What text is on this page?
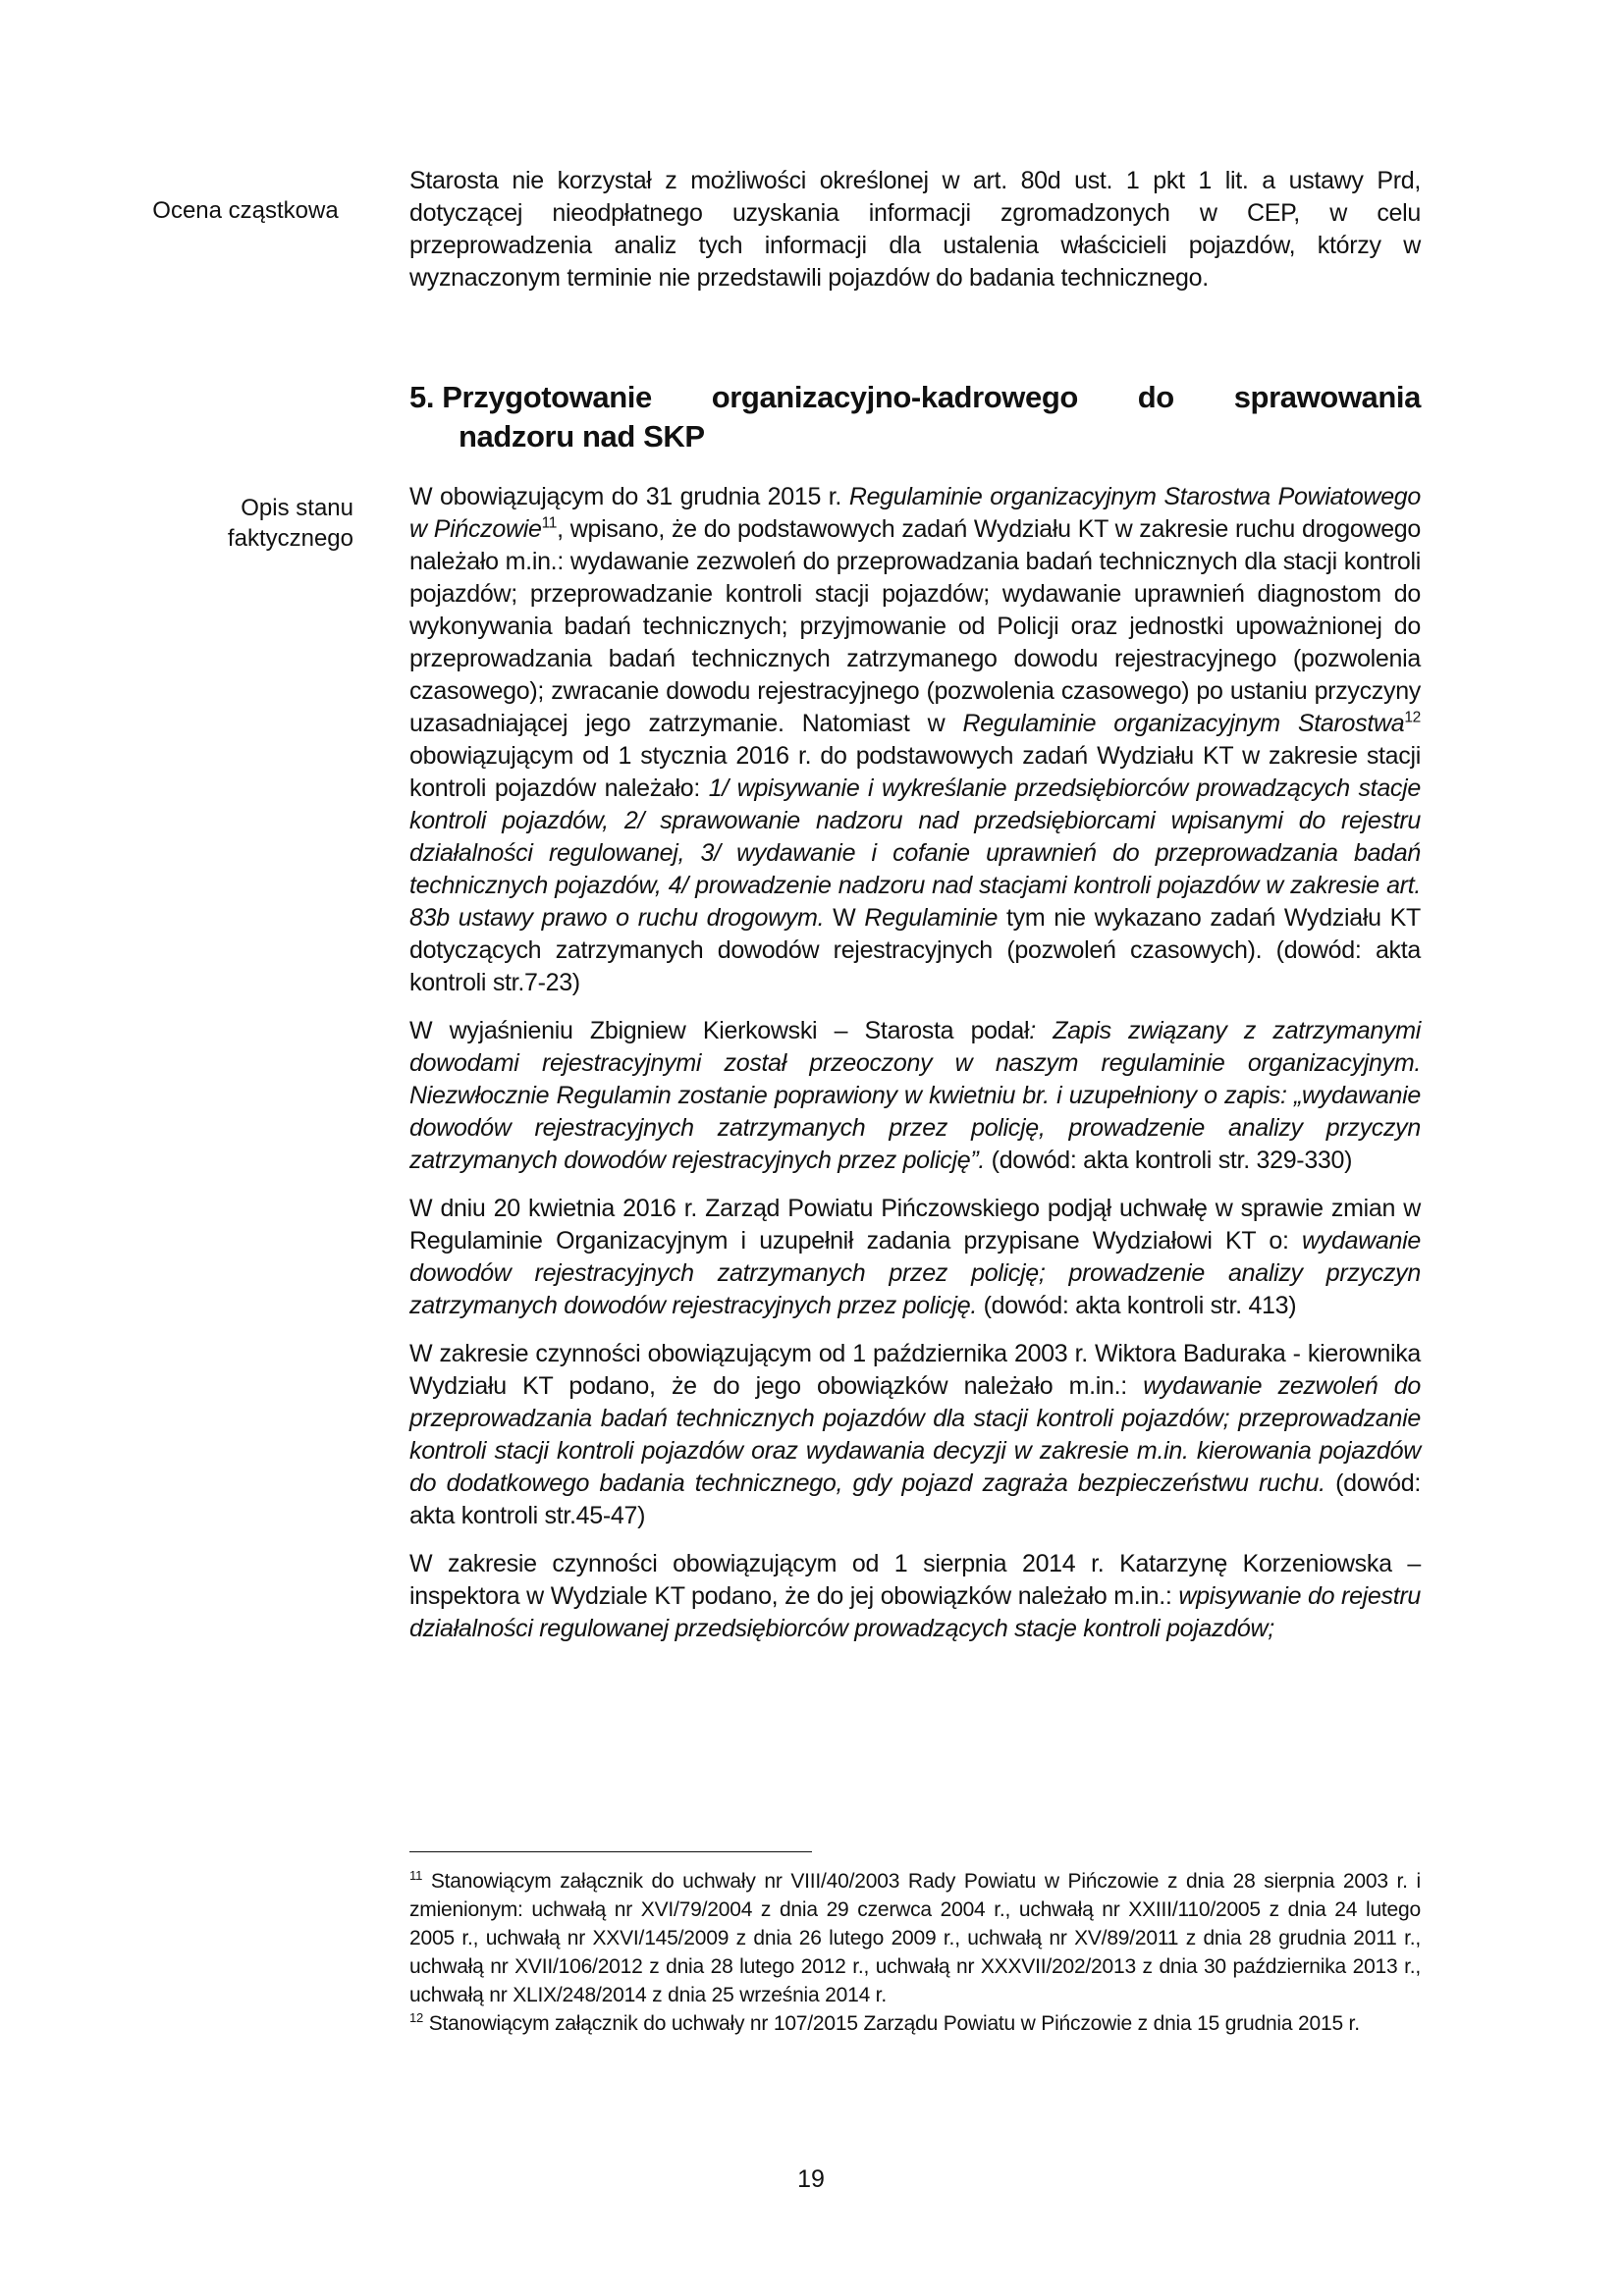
Ocena cząstkowa

Starosta nie korzystał z możliwości określonej w art. 80d ust. 1 pkt 1 lit. a ustawy Prd, dotyczącej nieodpłatnego uzyskania informacji zgromadzonych w CEP, w celu przeprowadzenia analiz tych informacji dla ustalenia właścicieli pojazdów, którzy w wyznaczonym terminie nie przedstawili pojazdów do badania technicznego.

5. Przygotowanie organizacyjno-kadrowego do sprawowania
nadzoru nad SKP
Opis stanu
faktycznego

W obowiązującym do 31 grudnia 2015 r. Regulaminie organizacyjnym Starostwa Powiatowego w Pińczowie$^{11}$, wpisano, że do podstawowych zadań Wydziału KT w zakresie ruchu drogowego należało m.in.: wydawanie zezwoleń do przeprowadzania badań technicznych dla stacji kontroli pojazdów; przeprowadzanie kontroli stacji pojazdów; wydawanie uprawnień diagnostom do wykonywania badań technicznych; przyjmowanie od Policji oraz jednostki upoważnionej do przeprowadzania badań technicznych zatrzymanego dowodu rejestracyjnego (pozwolenia czasowego); zwracanie dowodu rejestracyjnego (pozwolenia czasowego) po ustaniu przyczyny uzasadniającej jego zatrzymanie. Natomiast w Regulaminie organizacyjnym Starostwa$^{12}$ obowiązującym od 1 stycznia 2016 r. do podstawowych zadań Wydziału KT w zakresie stacji kontroli pojazdów należało: 1/ wpisywanie i wykreślanie przedsiębiorców prowadzących stacje kontroli pojazdów, 2/ sprawowanie nadzoru nad przedsiębiorcami wpisanymi do rejestru działalności regulowanej, 3/ wydawanie i cofanie uprawnień do przeprowadzania badań technicznych pojazdów, 4/ prowadzenie nadzoru nad stacjami kontroli pojazdów w zakresie art. 83b ustawy prawo o ruchu drogowym. W Regulaminie tym nie wykazano zadań Wydziału KT dotyczących zatrzymanych dowodów rejestracyjnych (pozwoleń czasowych). (dowód: akta kontroli str.7-23)

W wyjaśnieniu Zbigniew Kierkowski – Starosta podał: Zapis związany z zatrzymanymi dowodami rejestracyjnymi został przeoczony w naszym regulaminie organizacyjnym. Niezwłocznie Regulamin zostanie poprawiony w kwietniu br. i uzupełniony o zapis: „wydawanie dowodów rejestracyjnych zatrzymanych przez policję, prowadzenie analizy przyczyn zatrzymanych dowodów rejestracyjnych przez policję”. (dowód: akta kontroli str. 329-330)

W dniu 20 kwietnia 2016 r. Zarząd Powiatu Pińczowskiego podjął uchwałę w sprawie zmian w Regulaminie Organizacyjnym i uzupełnił zadania przypisane Wydziałowi KT o: wydawanie dowodów rejestracyjnych zatrzymanych przez policję; prowadzenie analizy przyczyn zatrzymanych dowodów rejestracyjnych przez policję. (dowód: akta kontroli str. 413)

W zakresie czynności obowiązującym od 1 października 2003 r. Wiktora Baduraka - kierownika Wydziału KT podano, że do jego obowiązków należało m.in.: wydawanie zezwoleń do przeprowadzania badań technicznych pojazdów dla stacji kontroli pojazdów; przeprowadzanie kontroli stacji kontroli pojazdów oraz wydawania decyzji w zakresie m.in. kierowania pojazdów do dodatkowego badania technicznego, gdy pojazd zagraża bezpieczeństwu ruchu. (dowód: akta kontroli str.45-47)

W zakresie czynności obowiązującym od 1 sierpnia 2014 r. Katarzynę Korzeniowska – inspektora w Wydziale KT podano, że do jej obowiązków należało m.in.: wpisywanie do rejestru działalności regulowanej przedsiębiorców prowadzących stacje kontroli pojazdów;

$^{11}$ Stanowiącym załącznik do uchwały nr VIII/40/2003 Rady Powiatu w Pińczowie z dnia 28 sierpnia 2003 r. i zmienionym: uchwałą nr XVI/79/2004 z dnia 29 czerwca 2004 r., uchwałą nr XXIII/110/2005 z dnia 24 lutego 2005 r., uchwałą nr XXVI/145/2009 z dnia 26 lutego 2009 r., uchwałą nr XV/89/2011 z dnia 28 grudnia 2011 r., uchwałą nr XVII/106/2012 z dnia 28 lutego 2012 r., uchwałą nr XXXVII/202/2013 z dnia 30 października 2013 r., uchwałą nr XLIX/248/2014 z dnia 25 września 2014 r.

$^{12}$ Stanowiącym załącznik do uchwały nr 107/2015 Zarządu Powiatu w Pińczowie z dnia 15 grudnia 2015 r.

19
